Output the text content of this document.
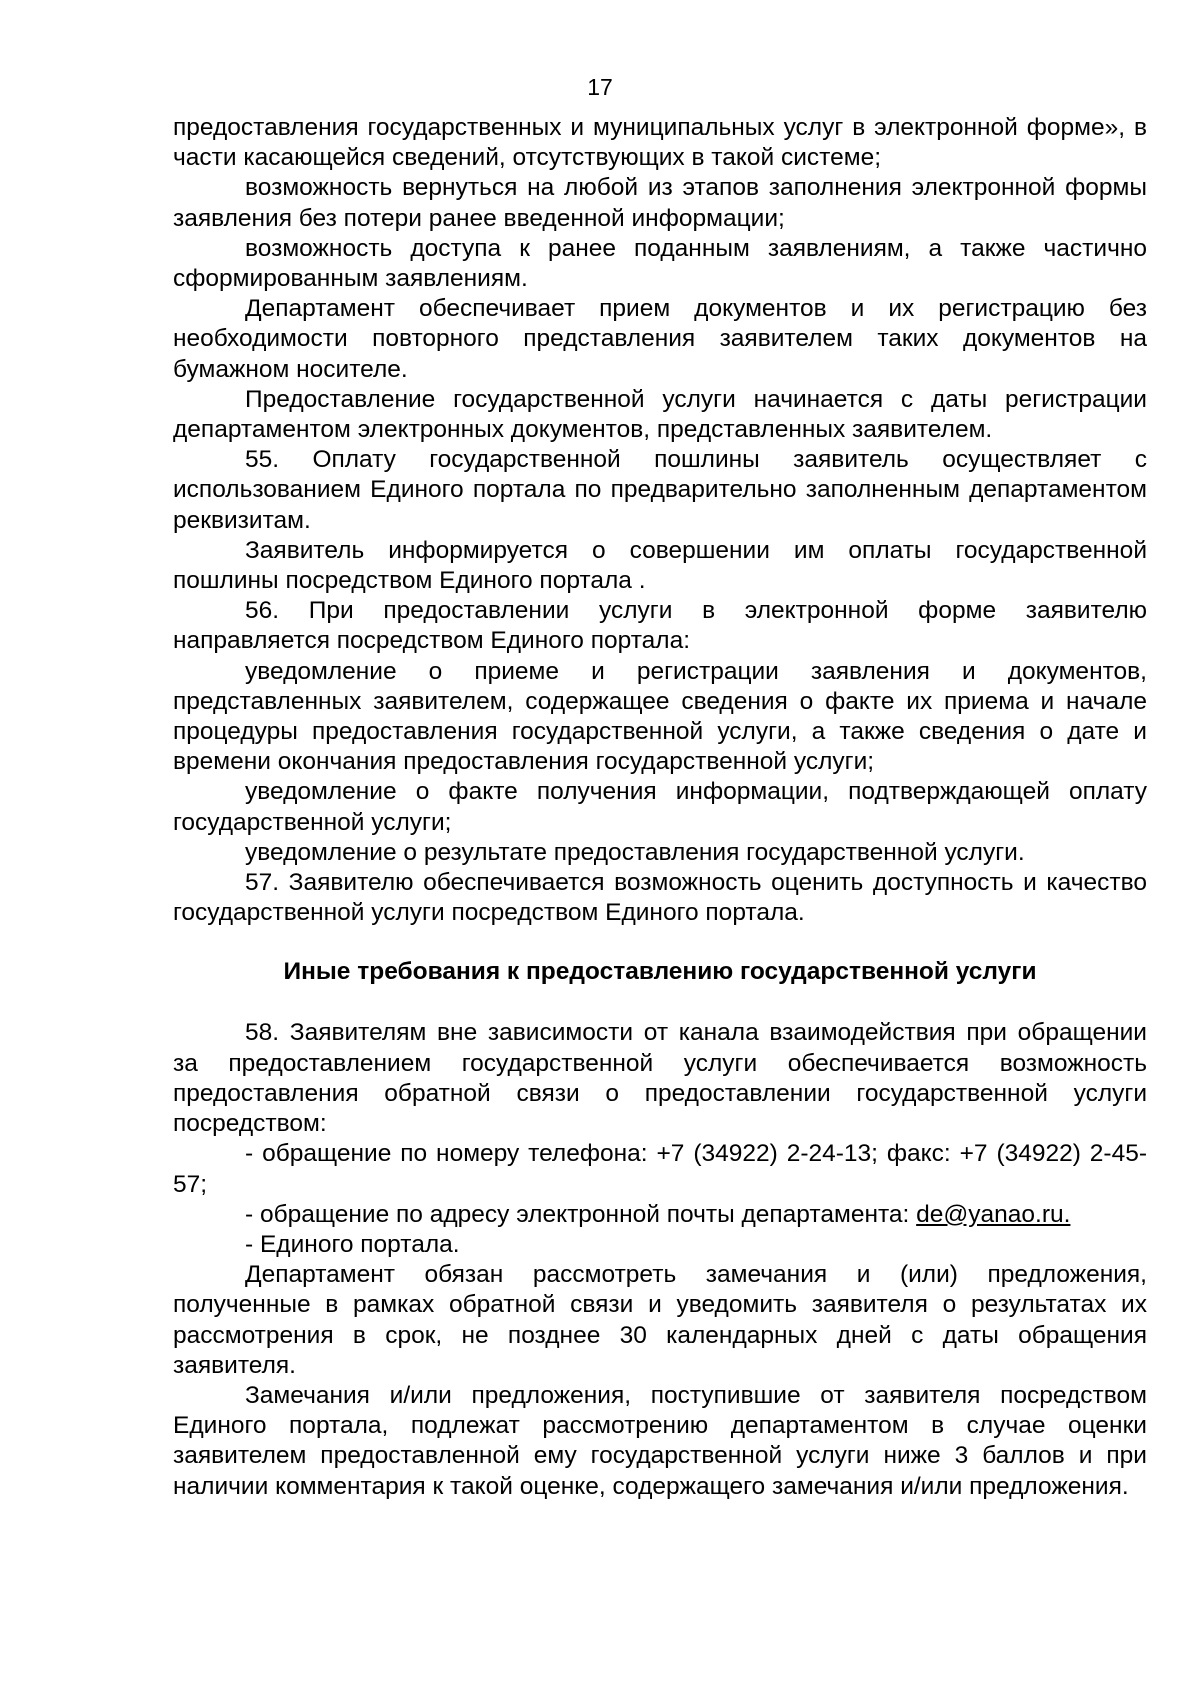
17

предоставления государственных и муниципальных услуг в электронной форме», в части касающейся сведений, отсутствующих в такой системе;

возможность вернуться на любой из этапов заполнения электронной формы заявления без потери ранее введенной информации;

возможность доступа к ранее поданным заявлениям, а также частично сформированным заявлениям.

Департамент обеспечивает прием документов и их регистрацию без необходимости повторного представления заявителем таких документов на бумажном носителе.

Предоставление государственной услуги начинается с даты регистрации департаментом электронных документов, представленных заявителем.

55. Оплату государственной пошлины заявитель осуществляет с использованием Единого портала по предварительно заполненным департаментом реквизитам.

Заявитель информируется о совершении им оплаты государственной пошлины посредством Единого портала .

56. При предоставлении услуги в электронной форме заявителю направляется посредством Единого портала:

уведомление о приеме и регистрации заявления и документов, представленных заявителем, содержащее сведения о факте их приема и начале процедуры предоставления государственной услуги, а также сведения о дате и времени окончания предоставления государственной услуги;

уведомление о факте получения информации, подтверждающей оплату государственной услуги;

уведомление о результате предоставления государственной услуги.

57. Заявителю обеспечивается возможность оценить доступность и качество государственной услуги посредством Единого портала.

Иные требования к предоставлению государственной услуги

58. Заявителям вне зависимости от канала взаимодействия при обращении за предоставлением государственной услуги обеспечивается возможность предоставления обратной связи о предоставлении государственной услуги посредством:

- обращение по номеру телефона: +7 (34922) 2-24-13; факс: +7 (34922) 2-45-57;

- обращение по адресу электронной почты департамента: de@yanao.ru.

- Единого портала.

Департамент обязан рассмотреть замечания и (или) предложения, полученные в рамках обратной связи и уведомить заявителя о результатах их рассмотрения в срок, не позднее 30 календарных дней с даты обращения заявителя.

Замечания и/или предложения, поступившие от заявителя посредством Единого портала, подлежат рассмотрению департаментом в случае оценки заявителем предоставленной ему государственной услуги ниже 3 баллов и при наличии комментария к такой оценке, содержащего замечания и/или предложения.
